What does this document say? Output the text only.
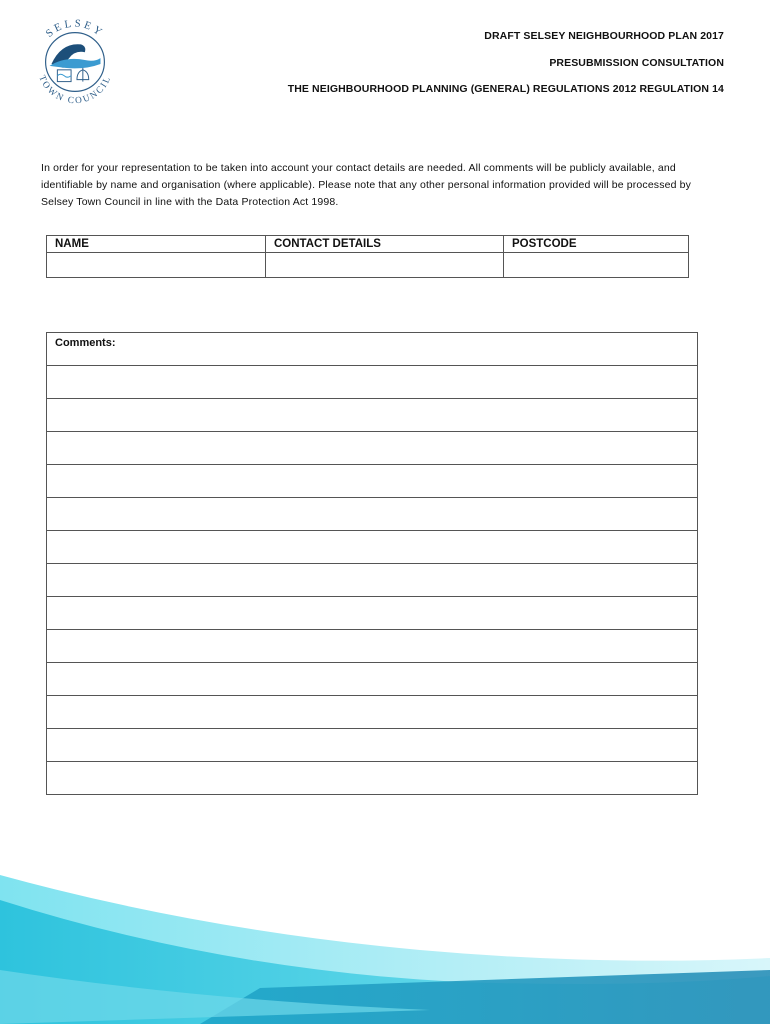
SELSEY
TOWN COUNCIL
DRAFT SELSEY NEIGHBOURHOOD PLAN 2017
PRESUBMISSION CONSULTATION
THE NEIGHBOURHOOD PLANNING (GENERAL) REGULATIONS 2012 REGULATION 14
In order for your representation to be taken into account your contact details are needed. All comments will be publicly available, and identifiable by name and organisation (where applicable). Please note that any other personal information provided will be processed by Selsey Town Council in line with the Data Protection Act 1998.
NAME	CONTACT DETAILS	POSTCODE

Comments:
